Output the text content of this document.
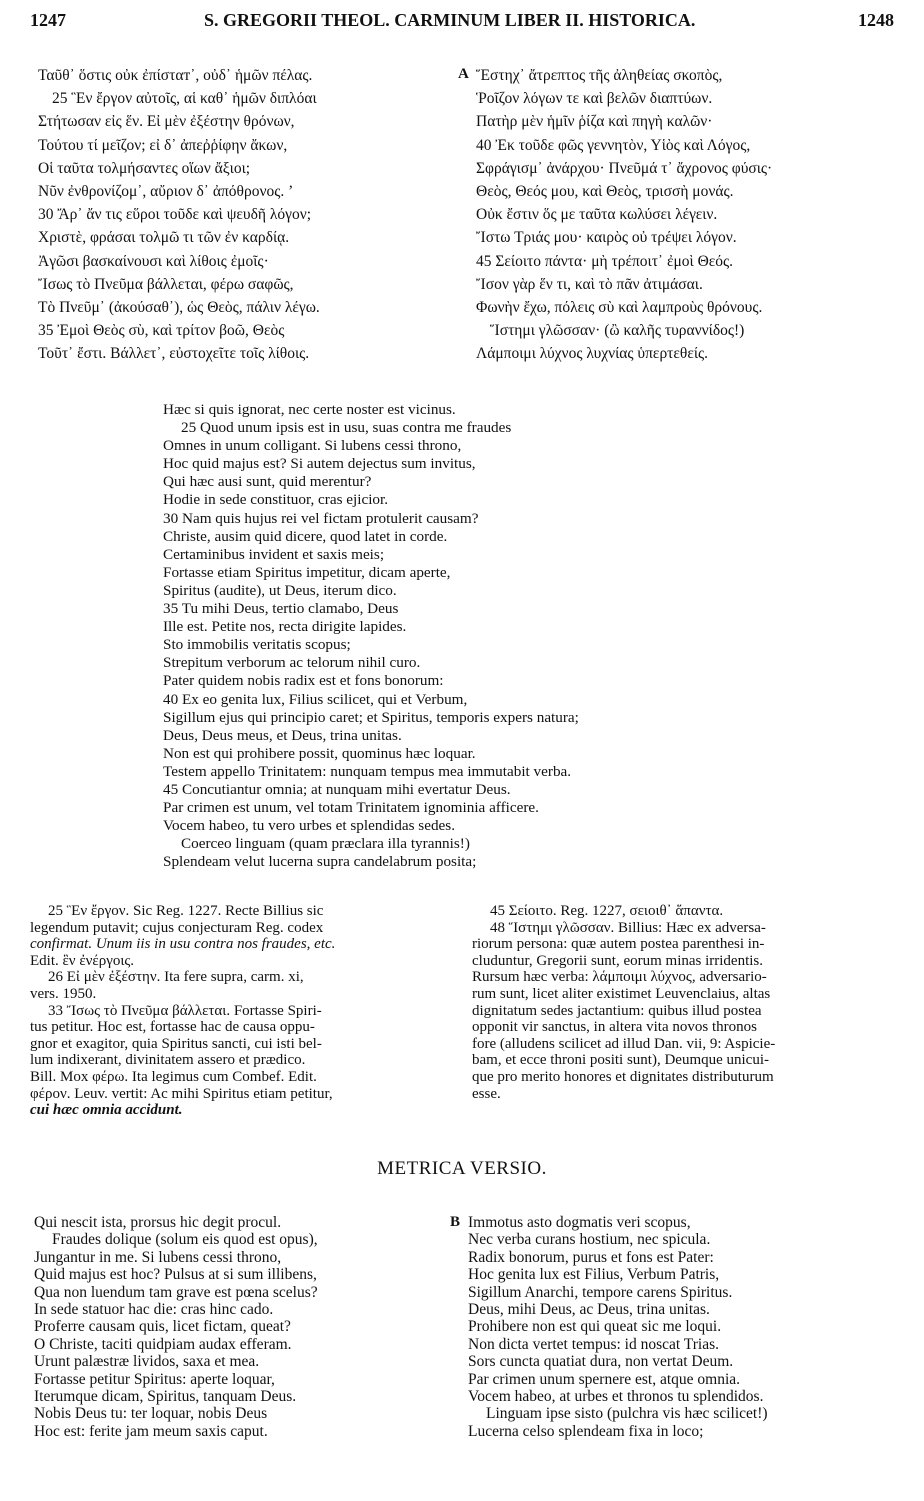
1247	S. GREGORII THEOL. CARMINUM LIBER II. HISTORICA.	1248
Ταῦθ᾽ ὅστις οὐκ ἐπίσταт᾽, οὐδ᾽ ἡμῶν πέλας.
25 Ἓν ἔργον αὐτοῖς, αἱ καθ᾽ ἡμῶν διπλόαι
Στήτωσαν εἰς ἕν. Εἰ μὲν ἐξέστην θρόνων,
Τούτου τί μεῖζον; εἰ δ᾽ ἀπεῤῥίφην ἄκων,
Οἱ ταῦτα τολμήσαντες οἵων ἄξιοι;
Νῦν ἐνθρονίζομ᾽, αὔριον δ᾽ ἀπόθρονος. ʼ
30 Ἄρ᾽ ἄν τις εὕροι τοῦδε καὶ ψευδῆ λόγον;
Χριστὲ, φράσαι τολμῶ τι τῶν ἐν καρδίᾳ.
Ἀγῶσι βασκαίνουσι καὶ λίθοις ἐμοῖς·
Ἴσως τὸ Πνεῦμα βάλλεται, φέρω σαφῶς,
Τὸ Πνεῦμ᾽ (ἀκούσαθ᾽), ὡς Θεὸς, πάλιν λέγω.
35 Ἐμοὶ Θεὸς σὺ, καὶ τρίτον βοῶ, Θεὸς
Τοῦτ᾽ ἔστι. Βάλλετ᾽, εὐστοχεῖτε τοῖς λίθοις.
A Ἕστηχ᾽ ἄτρεπτος τῆς ἀληθείας σκοπὸς,
Ῥοῖζον λόγων τε καὶ βελῶν διαπτύων.
Πατὴρ μὲν ἡμῖν ῥίζα καὶ πηγὴ καλῶν·
40 Ἐκ τοῦδε φῶς γεννητὸν, Υἱὸς καὶ Λόγος,
Σφράγισμ᾽ ἀνάρχου· Πνεῦμά τ᾽ ἄχρονος φύσις·
Θεὸς, Θεός μου, καὶ Θεὸς, τρισσὴ μονάς.
Οὐκ ἔστιν ὅς με ταῦτα κωλύσει λέγειν.
Ἴστω Τριάς μου· καιρὸς οὐ τρέψει λόγον.
45 Σείοιτο πάντα· μὴ τρέποιτ᾽ ἐμοὶ Θεός.
Ἴσον γὰρ ἕν τι, καὶ τὸ πᾶν ἀτιμάσαι.
Φωνὴν ἔχω, πόλεις σὺ καὶ λαμπροὺς θρόνους.
Ἵστημι γλῶσσαν· (ὢ καλῆς τυραννίδος!)
Λάμποιμι λύχνος λυχνίας ὑπερτεθείς.
Hæc si quis ignorat, nec certe noster est vicinus.
25 Quod unum ipsis est in usu, suas contra me fraudes
Omnes in unum colligant. Si lubens cessi throno,
Hoc quid majus est? Si autem dejectus sum invitus,
Qui hæc ausi sunt, quid merentur?
Hodie in sede constituor, cras ejicior.
30 Nam quis hujus rei vel fictam protulerit causam?
Christe, ausim quid dicere, quod latet in corde.
Certaminibus invident et saxis meis;
Fortasse etiam Spiritus impetitur, dicam aperte,
Spiritus (audite), ut Deus, iterum dico.
35 Tu mihi Deus, tertio clamabo, Deus
Ille est. Petite nos, recta dirigite lapides.
Sto immobilis veritatis scopus;
Strepitum verborum ac telorum nihil curo.
Pater quidem nobis radix est et fons bonorum:
40 Ex eo genita lux, Filius scilicet, qui et Verbum,
Sigillum ejus qui principio caret; et Spiritus, temporis expers natura;
Deus, Deus meus, et Deus, trina unitas.
Non est qui prohibere possit, quominus hæc loquar.
Testem appello Trinitatem: nunquam tempus mea immutabit verba.
45 Concutiantur omnia; at nunquam mihi evertatur Deus.
Par crimen est unum, vel totam Trinitatem ignominia afficere.
Vocem habeo, tu vero urbes et splendidas sedes.
Coerceo linguam (quam præclara illa tyrannis!)
Splendeam velut lucerna supra candelabrum posita;
25 Ἓν ἔργον. Sic Reg. 1227. Recte Billius sic
legendum putavit; cujus conjecturam Reg. codex
confirmat. Unum iis in usu contra nos fraudes, etc.
Edit. ἓν ἐνέργοις.
26 Εἰ μὲν ἐξέστην. Ita fere supra, carm. xi,
vers. 1950.
33 Ἴσως τὸ Πνεῦμα βάλλεται. Fortasse Spiri-
tus petitur. Hoc est, fortasse hac de causa oppu-
gnor et exagitor, quia Spiritus sancti, cui isti bel-
lum indixerant, divinitatem assero et prædico.
Bill. Mox φέρω. Ita legimus cum Combef. Edit.
φέρον. Leuv. vertit: Ac mihi Spiritus etiam petitur,
cui hæc omnia accidunt.
45 Σείοιτο. Reg. 1227, σειοιθ᾽ ἅπαντα.
48 Ἵστημι γλῶσσαν. Billius: Hæc ex adversa-
riorum persona: quæ autem postea parenthesi in-
cluduntur, Gregorii sunt, eorum minas irridentis.
Rursum hæc verba: λάμποιμι λύχνος, adversario-
rum sunt, licet aliter existimet Leuvenclaius, altas
dignitatum sedes jactantium: quibus illud postea
opponit vir sanctus, in altera vita novos thronos
fore (alludens scilicet ad illud Dan. vii, 9: Aspicie-
bam, et ecce throni positi sunt), Deumque unicui-
que pro merito honores et dignitates distributurum
esse.
METRICA VERSIO.
Qui nescit ista, prorsus hic degit procul.
Fraudes dolique (solum eis quod est opus),
Jungantur in me. Si lubens cessi throno,
Quid majus est hoc? Pulsus at si sum illibens,
Qua non luendum tam grave est pœna scelus?
In sede statuor hac die: cras hinc cado.
Proferre causam quis, licet fictam, queat?
O Christe, taciti quidpiam audax efferam.
Urunt palæstræ lividos, saxa et mea.
Fortasse petitur Spiritus: aperte loquar,
Iterumque dicam, Spiritus, tanquam Deus.
Nobis Deus tu: ter loquar, nobis Deus
Hoc est: ferite jam meum saxis caput.
B Immotus asto dogmatis veri scopus,
Nec verba curans hostium, nec spicula.
Radix bonorum, purus et fons est Pater:
Hoc genita lux est Filius, Verbum Patris,
Sigillum Anarchi, tempore carens Spiritus.
Deus, mihi Deus, ac Deus, trina unitas.
Prohibere non est qui queat sic me loqui.
Non dicta vertet tempus: id noscat Trias.
Sors cuncta quatiat dura, non vertat Deum.
Par crimen unum spernere est, atque omnia.
Vocem habeo, at urbes et thronos tu splendidos.
Linguam ipse sisto (pulchra vis hæc scilicet!)
Lucerna celso splendeam fixa in loco;
